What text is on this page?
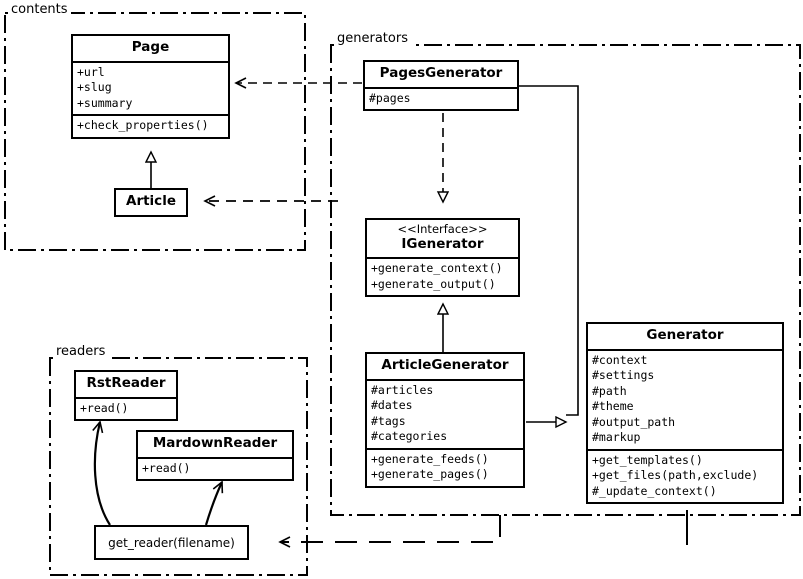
contents
generators
readers
Page
+url
+slug
+summary
+check_properties()
Article
PagesGenerator
#pages
<<Interface>>
IGenerator
+generate_context()
+generate_output()
ArticleGenerator
#articles
#dates
#tags
#categories
+generate_feeds()
+generate_pages()
Generator
#context
#settings
#path
#theme
#output_path
#markup
+get_templates()
+get_files(path,exclude)
#_update_context()
RstReader
+read()
MardownReader
+read()
get_reader(filename)
